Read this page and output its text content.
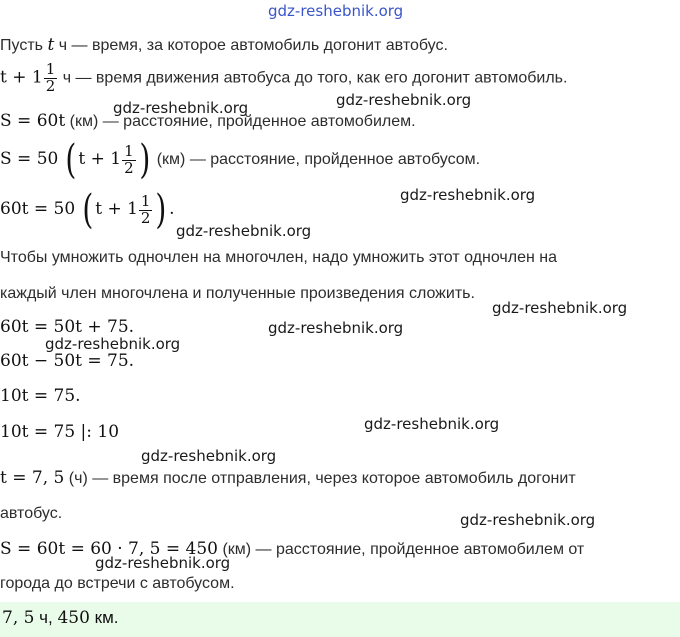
gdz-reshebnik.org
Пусть t ч — время, за которое автомобиль догонит автобус.
$t + 1 \frac{1}{2}$ ч — время движения автобуса до того, как его догонит автомобиль.
gdz-reshebnik.org	gdz-reshebnik.org
S = 60t (км) — расстояние, пройденное автомобилем.
S = 50 ( $t + 1 \frac{1}{2}$ ) (км) — расстояние, пройденное автобусом.
gdz-reshebnik.org
60t = 50 ( $t + 1 \frac{1}{2}$ ) .
gdz-reshebnik.org
Чтобы умножить одночлен на многочлен, надо умножить этот одночлен на
каждый член многочлена и полученные произведения сложить.
gdz-reshebnik.org
60t = 50t + 75.	gdz-reshebnik.org
gdz-reshebnik.org
60t − 50t = 75.
10t = 75.
gdz-reshebnik.org
10t = 75 |: 10
gdz-reshebnik.org
t = 7, 5 (ч) — время после отправления, через которое автомобиль догонит
автобус.	gdz-reshebnik.org
S = 60t = 60 · 7, 5 = 450 (км) — расстояние, пройденное автомобилем от
gdz-reshebnik.org
города до встречи с автобусом.
7, 5 ч, 450 км.
